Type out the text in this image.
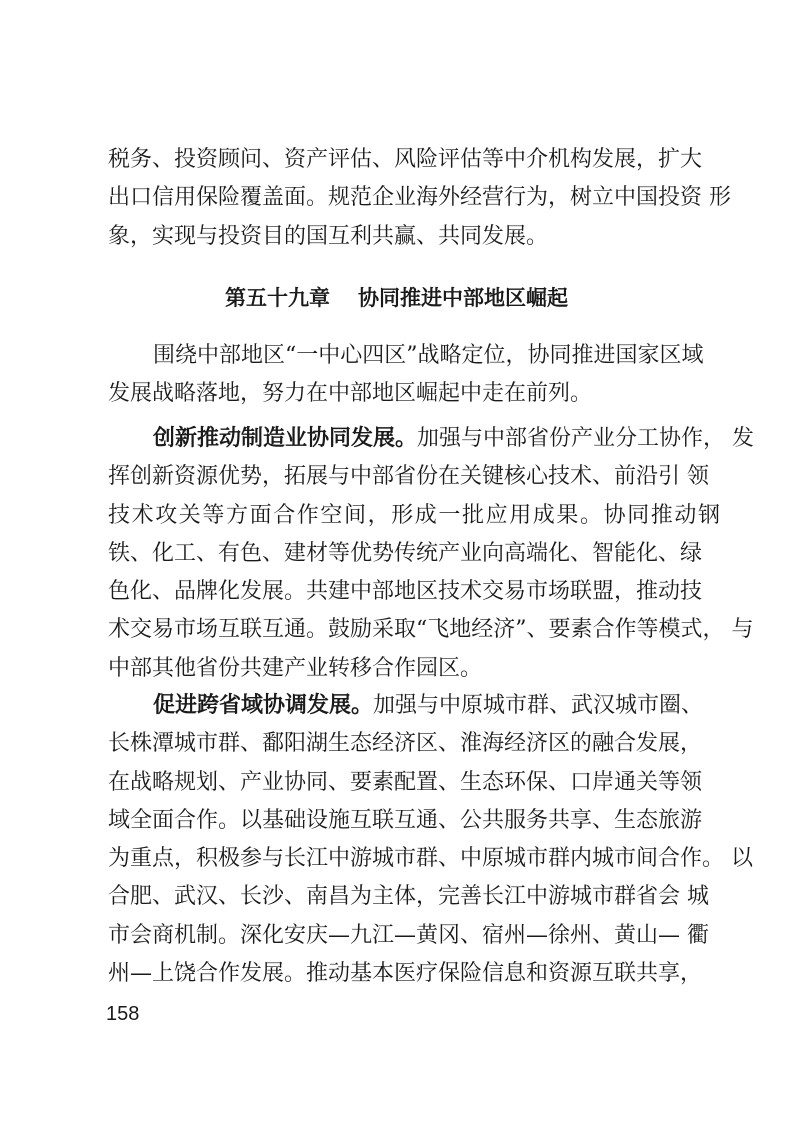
税务、投资顾问、资产评估、风险评估等中介机构发展，扩大
出口信用保险覆盖面。规范企业海外经营行为，树立中国投资 形
象，实现与投资目的国互利共赢、共同发展。
第五十九章 协同推进中部地区崛起
围绕中部地区“一中心四区”战略定位，协同推进国家区域
发展战略落地，努力在中部地区崛起中走在前列。
创新推动制造业协同发展。加强与中部省份产业分工协作， 发
挥创新资源优势，拓展与中部省份在关键核心技术、前沿引 领
技术攻关等方面合作空间，形成一批应用成果。协同推动钢
铁、化工、有色、建材等优势传统产业向高端化、智能化、绿
色化、品牌化发展。共建中部地区技术交易市场联盟，推动技
术交易市场互联互通。鼓励采取“飞地经济”、要素合作等模式， 与
中部其他省份共建产业转移合作园区。
促进跨省域协调发展。加强与中原城市群、武汉城市圈、
长株潭城市群、鄱阳湖生态经济区、淮海经济区的融合发展，
在战略规划、产业协同、要素配置、生态环保、口岸通关等领
域全面合作。以基础设施互联互通、公共服务共享、生态旅游
为重点，积极参与长江中游城市群、中原城市群内城市间合作。 以
合肥、武汉、长沙、南昌为主体，完善长江中游城市群省会 城
市会商机制。深化安庆—九江—黄冈、宿州—徐州、黄山— 衢
州—上饶合作发展。推动基本医疗保险信息和资源互联共享，
158
